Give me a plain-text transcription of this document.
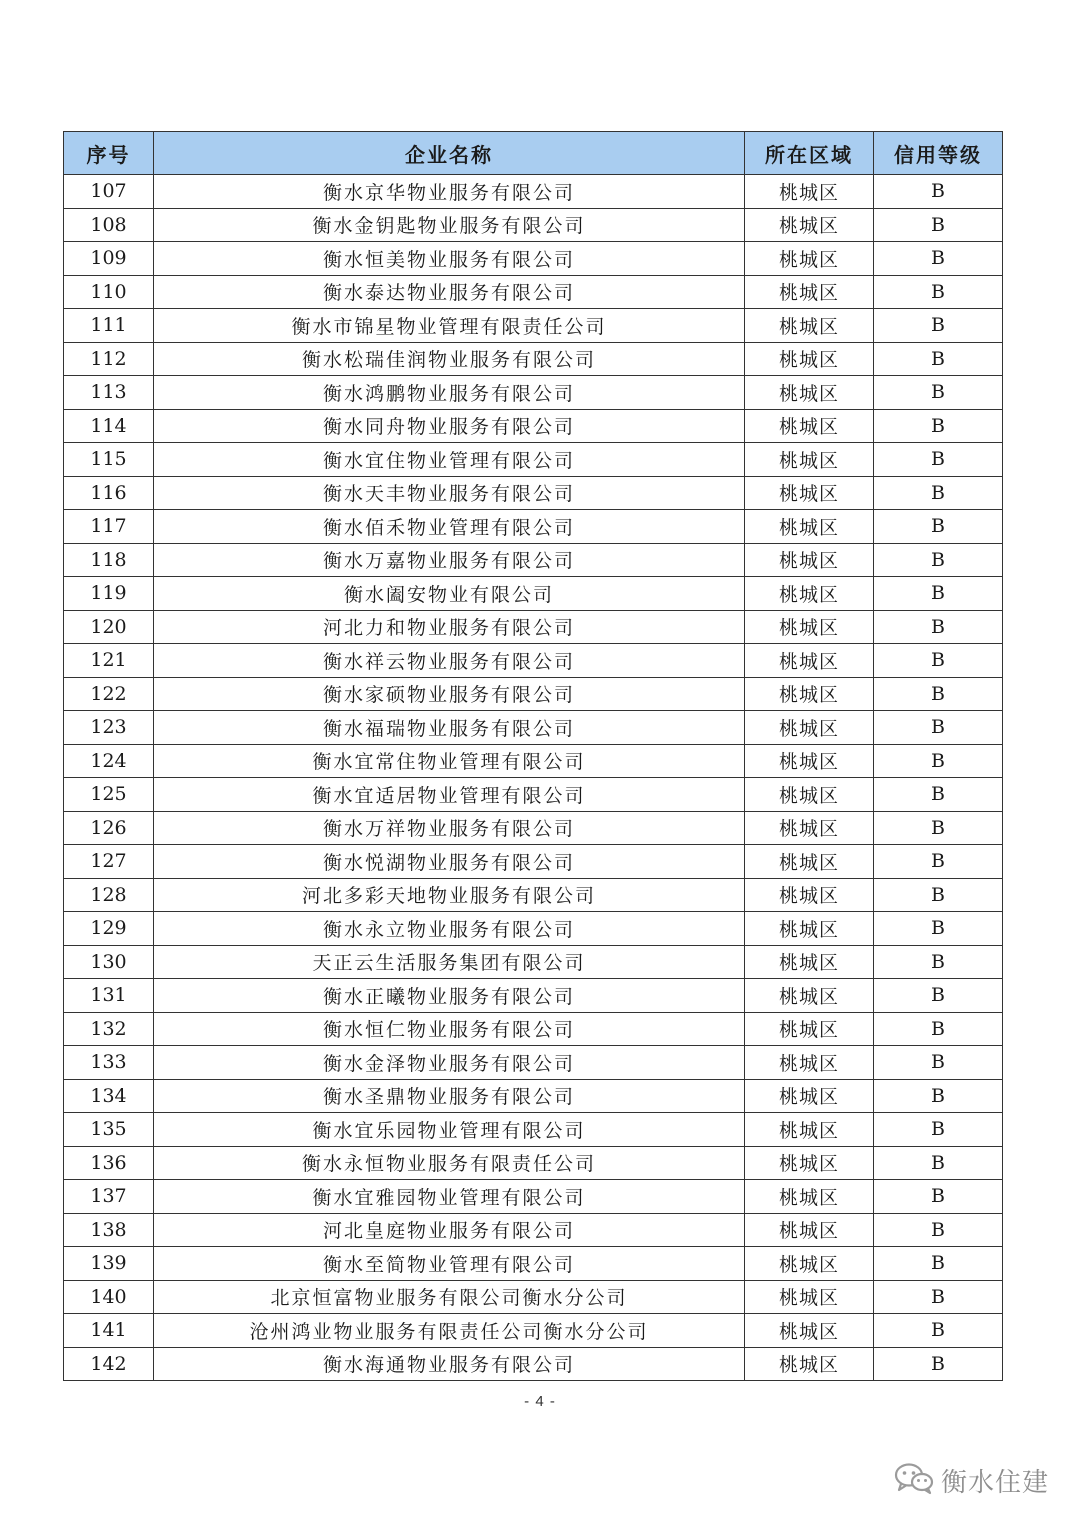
序号	企业名称	所在区域	信用等级
107	衡水京华物业服务有限公司	桃城区	B
108	衡水金钥匙物业服务有限公司	桃城区	B
109	衡水恒美物业服务有限公司	桃城区	B
110	衡水泰达物业服务有限公司	桃城区	B
111	衡水市锦星物业管理有限责任公司	桃城区	B
112	衡水松瑞佳润物业服务有限公司	桃城区	B
113	衡水鸿鹏物业服务有限公司	桃城区	B
114	衡水同舟物业服务有限公司	桃城区	B
115	衡水宜住物业管理有限公司	桃城区	B
116	衡水天丰物业服务有限公司	桃城区	B
117	衡水佰禾物业管理有限公司	桃城区	B
118	衡水万嘉物业服务有限公司	桃城区	B
119	衡水阖安物业有限公司	桃城区	B
120	河北力和物业服务有限公司	桃城区	B
121	衡水祥云物业服务有限公司	桃城区	B
122	衡水家硕物业服务有限公司	桃城区	B
123	衡水福瑞物业服务有限公司	桃城区	B
124	衡水宜常住物业管理有限公司	桃城区	B
125	衡水宜适居物业管理有限公司	桃城区	B
126	衡水万祥物业服务有限公司	桃城区	B
127	衡水悦湖物业服务有限公司	桃城区	B
128	河北多彩天地物业服务有限公司	桃城区	B
129	衡水永立物业服务有限公司	桃城区	B
130	天正云生活服务集团有限公司	桃城区	B
131	衡水正曦物业服务有限公司	桃城区	B
132	衡水恒仁物业服务有限公司	桃城区	B
133	衡水金泽物业服务有限公司	桃城区	B
134	衡水圣鼎物业服务有限公司	桃城区	B
135	衡水宜乐园物业管理有限公司	桃城区	B
136	衡水永恒物业服务有限责任公司	桃城区	B
137	衡水宜雅园物业管理有限公司	桃城区	B
138	河北皇庭物业服务有限公司	桃城区	B
139	衡水至简物业管理有限公司	桃城区	B
140	北京恒富物业服务有限公司衡水分公司	桃城区	B
141	沧州鸿业物业服务有限责任公司衡水分公司	桃城区	B
142	衡水海通物业服务有限公司	桃城区	B
- 4 -
衡水住建
